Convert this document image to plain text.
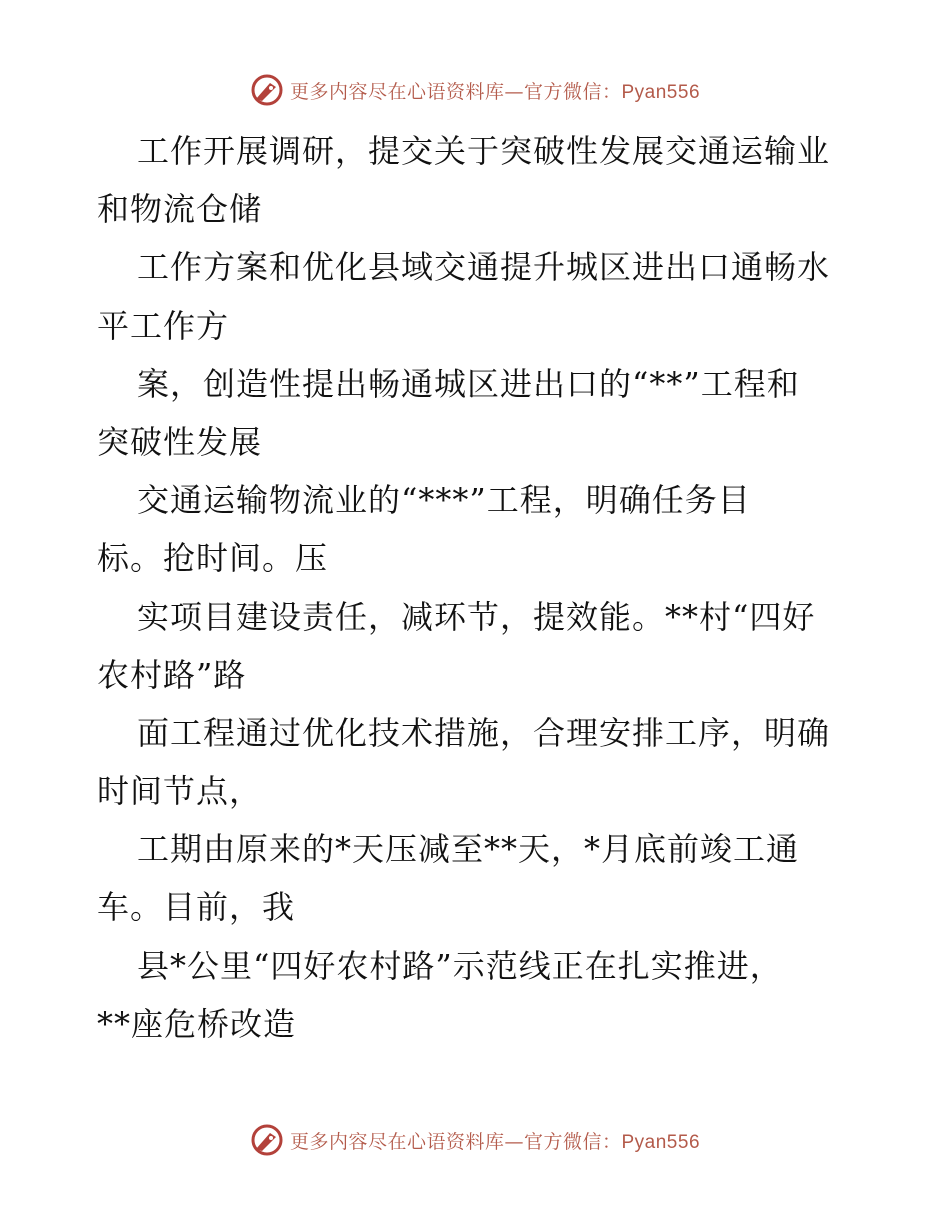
更多内容尽在心语资料库—官方微信：Pyan556
工作开展调研，提交关于突破性发展交通运输业
和物流仓储
工作方案和优化县域交通提升城区进出口通畅水
平工作方
案，创造性提出畅通城区进出口的“**”工程和
突破性发展
交通运输物流业的“***”工程，明确任务目
标。抢时间。压
实项目建设责任，减环节，提效能。**村“四好
农村路”路
面工程通过优化技术措施，合理安排工序，明确
时间节点，
工期由原来的*天压减至**天，*月底前竣工通
车。目前，我
县*公里“四好农村路”示范线正在扎实推进，
**座危桥改造
更多内容尽在心语资料库—官方微信：Pyan556
